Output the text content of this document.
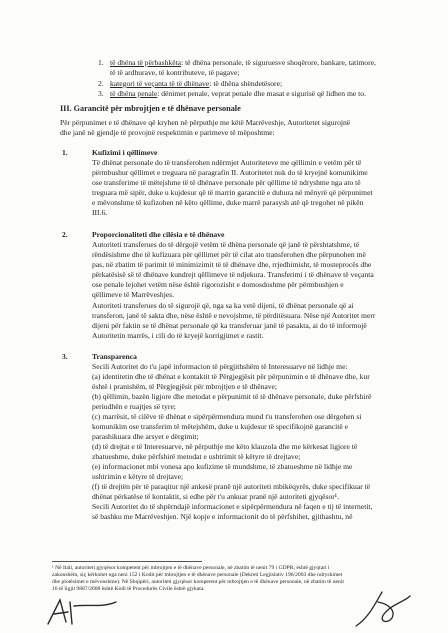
1. të dhëna të përbashkëta: të dhëna personale, të siguruesve shoqërore, bankare, tatimore,
të të ardhurave, të kontributeve, të pagave;
2. kategori të veçanta të të dhënave: të dhëna shëndetësore;
3. të dhëna penale: dënimet penale, veprat penale dhe masat e sigurisë që lidhen me to.
III. Garancitë për mbrojtjen e të dhënave personale
Për përpunimet e të dhënave që kryhen në përputhje me këtë Marrëveshje, Autoritetet sigurojnë
dhe janë në gjendje të provojnë respektimin e parimeve të mëposhtme:
1.	Kufizimi i qëllimeve
Të dhënat personale do të transferohen ndërmjet Autoriteteve me qëllimin e vetëm për të
përmbushur qëllimet e treguara në paragrafin II. Autoritetet nuk do të kryejnë komunikime
ose transferime të mëtejshme të të dhënave personale për qëllime të ndryshme nga ato të
treguara më sipër, duke u kujdesur që të marrin garancitë e duhura në mënyrë që përpunimet
e mëvonshme të kufizohen në këto qëllime, duke marrë parasysh atë që tregohet në pikën
III.6.
2.	Proporcionaliteti dhe cilësia e të dhënave
Autoriteti transferues do të dërgojë vetëm të dhëna personale që janë të përshtatshme, të
rëndësishme dhe të kufizuara për qëllimet për të cilat ato transferohen dhe përpunohen më
pas, në zbatim të parimit të minimizimit të të dhënave dhe, rrjedhimisht, të mosteprocës dhe
përkatësisë së të dhënave kundrejt qëllimeve të ndjekura. Transferimi i të dhënave të veçanta
ose penale lejohet vetëm nëse është rigorozisht e domosdoshme për përmbushjen e
qëllimeve të Marrëveshjes.
Autoriteti transferues do të sigurojë që, nga sa ka vetë dijeni, të dhënat personale që ai
transferon, janë të sakta dhe, nëse është e nevojshme, të përditësuara. Nëse një Autoritet merr
dijeni për faktin se të dhënat personale që ka transferuar janë të pasakta, ai do të informojë
Autoritetin marrës, i cili do të kryejë korrigjimet e rastit.
3.	Transparenca
Secili Autoritet do t'u japë informacion të përgjithshëm të Interesuarve në lidhje me:
(a) identitetin dhe të dhënat e kontaktit të Përgjegjësit për përpunimin e të dhënave dhe, kur
është i pranishëm, të Përgjegjësit për mbrojtjen e të dhënave;
(b) qëllimin, bazën ligjore dhe metodat e përpunimit të të dhënave personale, duke përfshirë
periudhën e ruajtjes së tyre;
(c) marrësit, të cilëve të dhënat e sipërpërmendura mund t'u transferohen ose dërgohen si
komunikim ose transferim të mëtejshëm, duke u kujdesur të specifikojnë garancitë e
parashikuara dhe arsyet e dërgimit;
(d) të drejtat e të Interesuarve, në përputhje me këto klauzola dhe me kërkesat ligjore të
zbatueshme, duke përfshirë metodat e ushtrimit të këtyre të drejtave;
(e) informacionet mbi vonesa apo kufizime të mundshme, të zbatueshme në lidhje me
ushtrimin e këtyre të drejtave;
(f) të drejtën për të paraqitur një ankesë pranë një autoriteti mbikëqyrës, duke specifikuar të
dhënat përkatëse të kontaktit, si edhe për t'u ankuar pranë një autoriteti gjyqësor¹.
Secili Autoritet do të shpërndajë informacionet e sipërpërmendura në faqen e tij të internetit,
së bashku me Marrëveshjen. Një kopje e informacionit do të përfshihet, gjithashtu, në
¹ Në Itali, autoriteti gjyqësor kompetent për mbrojtjen e të dhënave personale, në zbatim të nenit 79 i GDPR, është gjyqtari i
zakonshëm, siç kërkohet nga neni 152 i Kodit për mbrojtjen e të dhënave personale (Dekreti Legjislativ 196/2003 dhe ndryshimet
dhe plotësimet e mëvonshme). Në Shqipëri, autoriteti gjyqësor kompetent për mbrojtjen e të dhënave personale, në zbatim të nenit
16 të ligjit 9887/2008 është Kodi të Procedurës Civile është gjykata.
